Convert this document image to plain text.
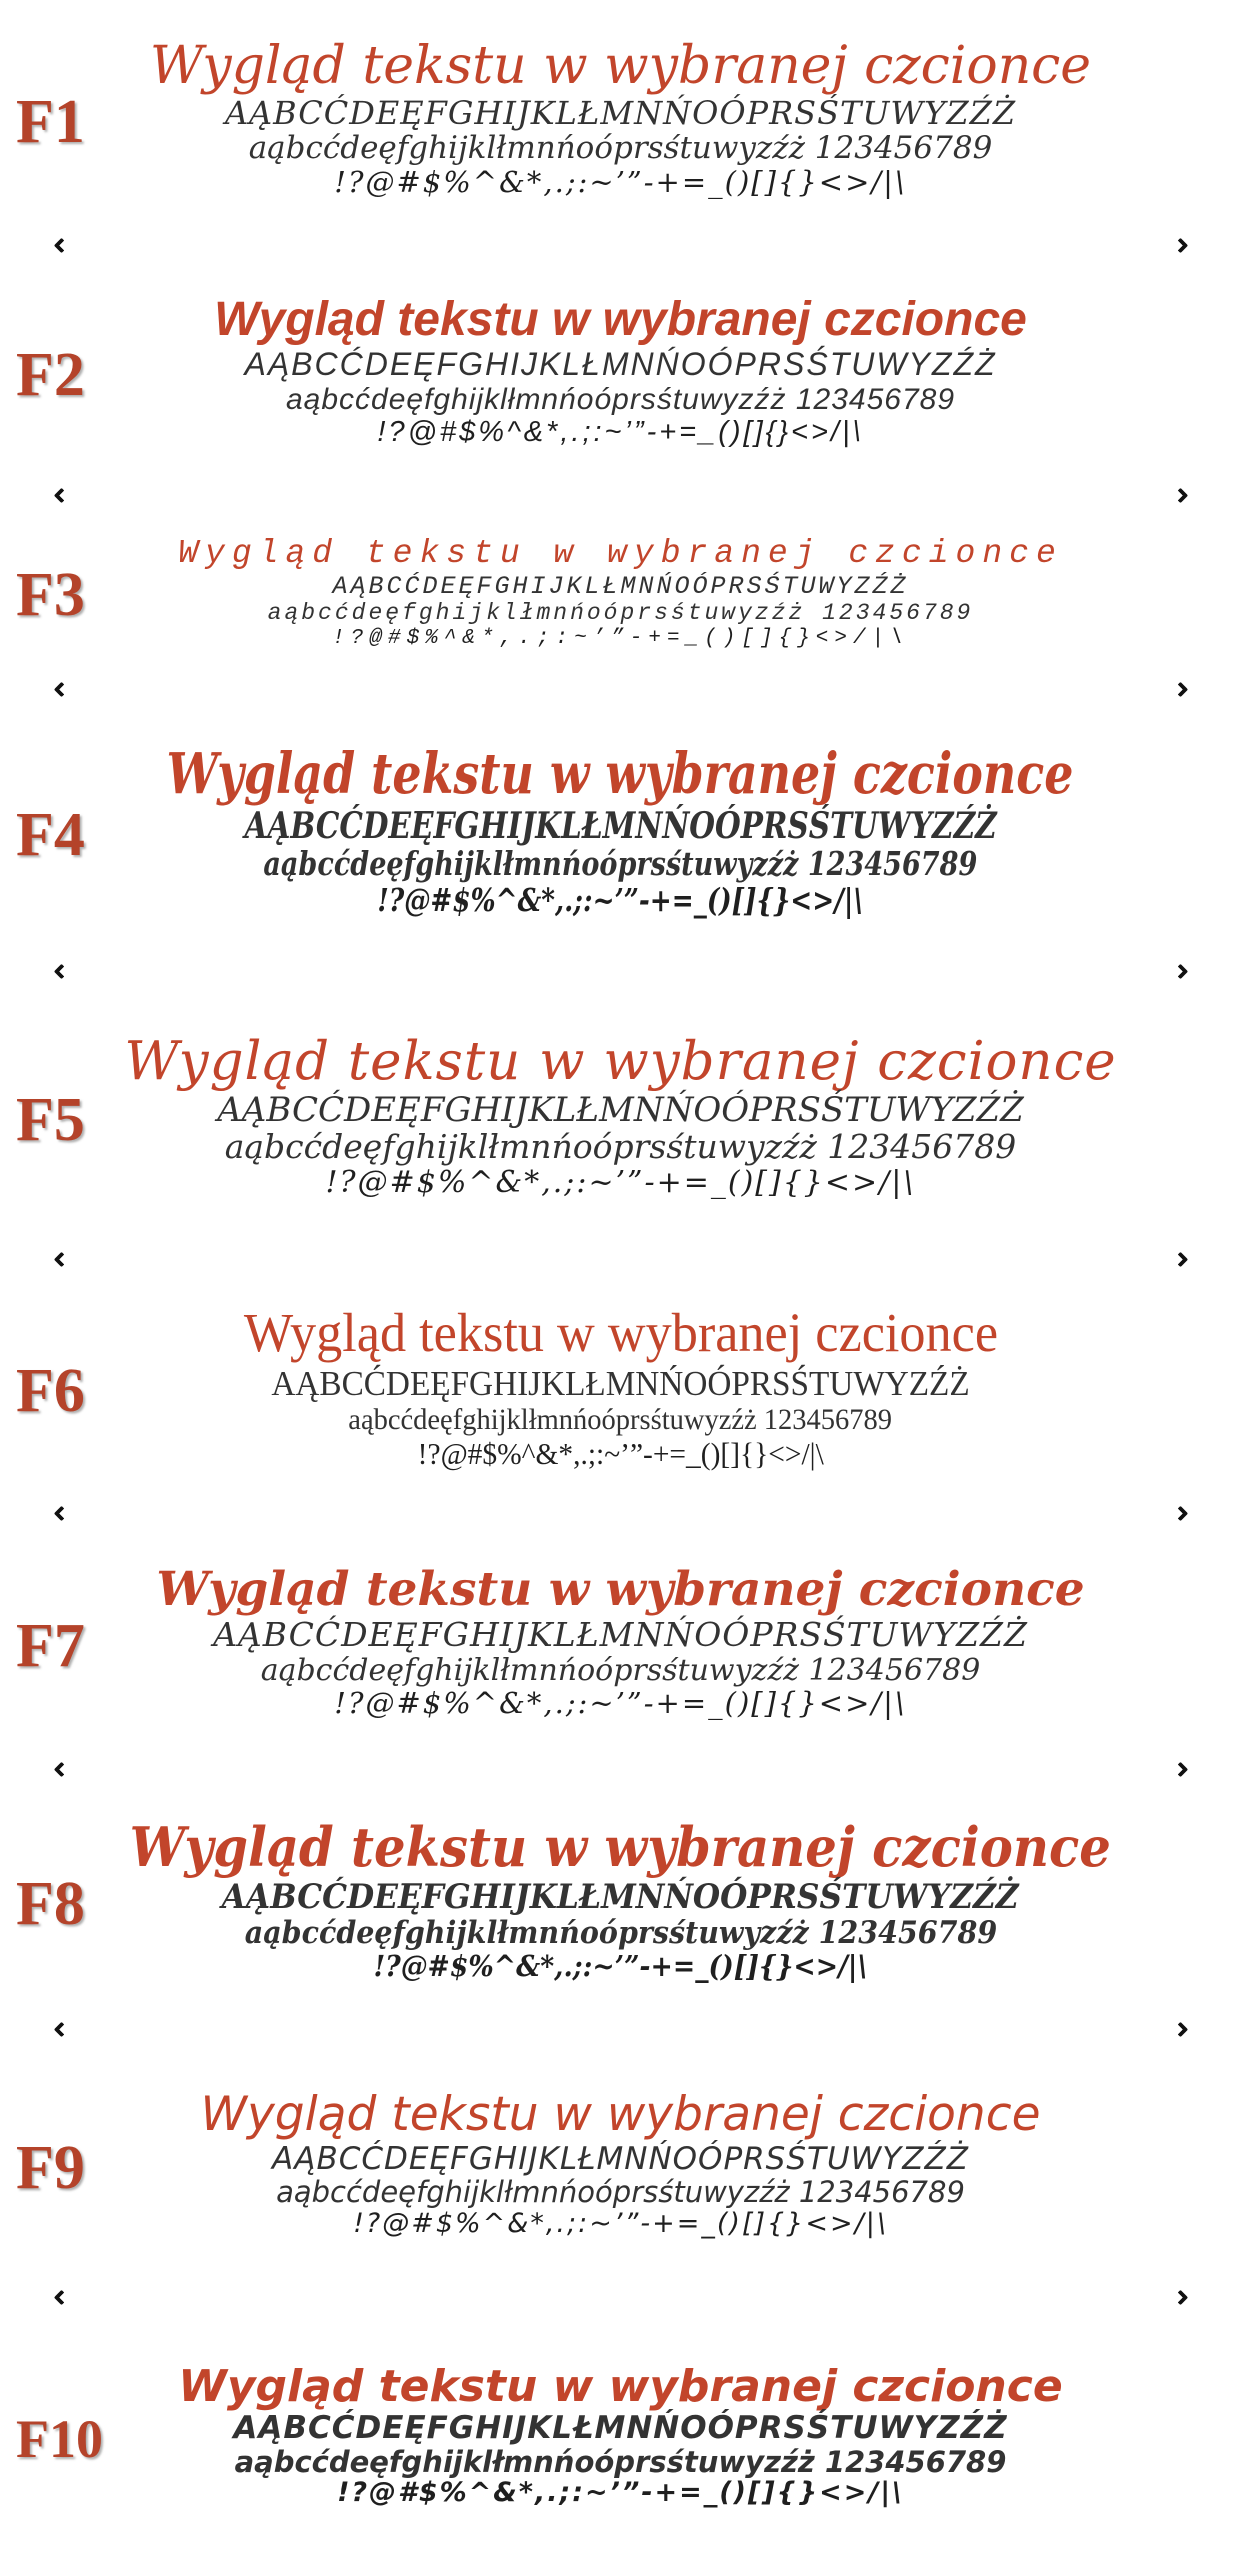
F1
Wygląd tekstu w wybranej czcionce
AĄBCĆDEĘFGHIJKLŁMNŃOÓPRSŚTUWYZŹŻ
aąbcćdeęfghijklłmnńoóprsśtuwyzźż 123456789
!?@#$%^&*,.;:~’”-+=_()[]{}<>/|\
F2
Wygląd tekstu w wybranej czcionce
AĄBCĆDEĘFGHIJKLŁMNŃOÓPRSŚTUWYZŹŻ
aąbcćdeęfghijklłmnńoóprsśtuwyzźż 123456789
!?@#$%^&*,.;:~’”-+=_()[]{}<>/|\
F3
Wygląd tekstu w wybranej czcionce
AĄBCĆDEĘFGHIJKLŁMNŃOÓPRSŚTUWYZŹŻ
aąbcćdeęfghijklłmnńoóprsśtuwyzźż 123456789
!?@#$%^&*,.;:~’”-+=_()[]{}<>/|\
F4
Wygląd tekstu w wybranej czcionce
AĄBCĆDEĘFGHIJKLŁMNŃOÓPRSŚTUWYZŹŻ
aąbcćdeęfghijklłmnńoóprsśtuwyzźż 123456789
!?@#$%^&*,.;:~’”-+=_()[]{}<>/|\
F5
Wygląd tekstu w wybranej czcionce
AĄBCĆDEĘFGHIJKLŁMNŃOÓPRSŚTUWYZŹŻ
aąbcćdeęfghijklłmnńoóprsśtuwyzźż 123456789
!?@#$%^&*,.;:~’”-+=_()[]{}<>/|\
F6
Wygląd tekstu w wybranej czcionce
AĄBCĆDEĘFGHIJKLŁMNŃOÓPRSŚTUWYZŹŻ
aąbcćdeęfghijklłmnńoóprsśtuwyzźż 123456789
!?@#$%^&*,.;:~’”-+=_()[]{}<>/|\
F7
Wygląd tekstu w wybranej czcionce
AĄBCĆDEĘFGHIJKLŁMNŃOÓPRSŚTUWYZŹŻ
aąbcćdeęfghijklłmnńoóprsśtuwyzźż 123456789
!?@#$%^&*,.;:~’”-+=_()[]{}<>/|\
F8
Wygląd tekstu w wybranej czcionce
AĄBCĆDEĘFGHIJKLŁMNŃOÓPRSŚTUWYZŹŻ
aąbcćdeęfghijklłmnńoóprsśtuwyzźż 123456789
!?@#$%^&*,.;:~’”-+=_()[]{}<>/|\
F9
Wygląd tekstu w wybranej czcionce
AĄBCĆDEĘFGHIJKLŁMNŃOÓPRSŚTUWYZŹŻ
aąbcćdeęfghijklłmnńoóprsśtuwyzźż 123456789
!?@#$%^&*,.;:~’”-+=_()[]{}<>/|\
F10
Wygląd tekstu w wybranej czcionce
AĄBCĆDEĘFGHIJKLŁMNŃOÓPRSŚTUWYZŹŻ
aąbcćdeęfghijklłmnńoóprsśtuwyzźż 123456789
!?@#$%^&*,.;:~’”-+=_()[]{}<>/|\
